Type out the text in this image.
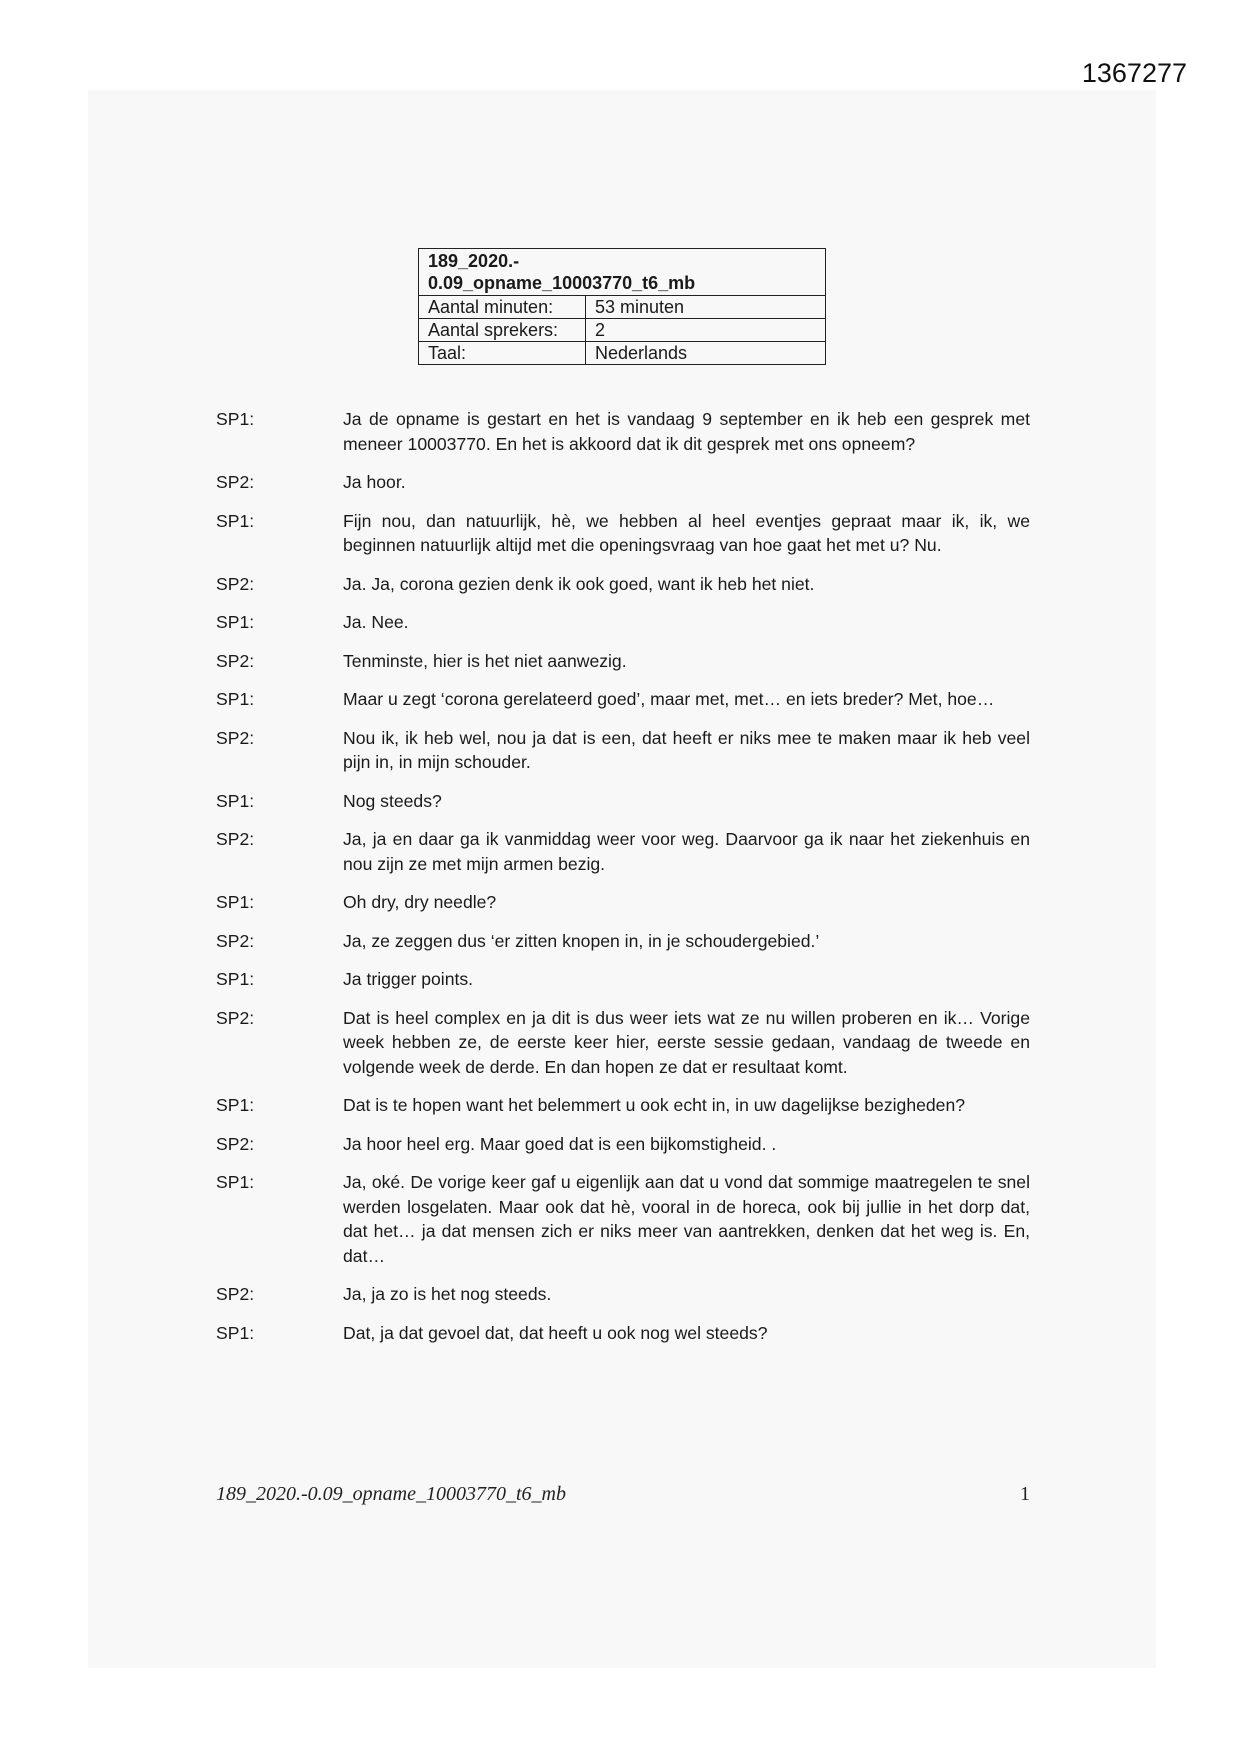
1367277
189_2020.-
0.09_opname_10003770_t6_mb	

Aantal minuten:	53 minuten
Aantal sprekers:	2
Taal:	Nederlands
SP1:	Ja de opname is gestart en het is vandaag 9 september en ik heb een gesprek met meneer 10003770. En het is akkoord dat ik dit gesprek met ons opneem?
SP2:	Ja hoor.
SP1:	Fijn nou, dan natuurlijk, hè, we hebben al heel eventjes gepraat maar ik, ik, we beginnen natuurlijk altijd met die openingsvraag van hoe gaat het met u? Nu.
SP2:	Ja. Ja, corona gezien denk ik ook goed, want ik heb het niet.
SP1:	Ja. Nee.
SP2:	Tenminste, hier is het niet aanwezig.
SP1:	Maar u zegt ‘corona gerelateerd goed’, maar met, met… en iets breder? Met, hoe…
SP2:	Nou ik, ik heb wel, nou ja dat is een, dat heeft er niks mee te maken maar ik heb veel pijn in, in mijn schouder.
SP1:	Nog steeds?
SP2:	Ja, ja en daar ga ik vanmiddag weer voor weg. Daarvoor ga ik naar het ziekenhuis en nou zijn ze met mijn armen bezig.
SP1:	Oh dry, dry needle?
SP2:	Ja, ze zeggen dus ‘er zitten knopen in, in je schoudergebied.’
SP1:	Ja trigger points.
SP2:	Dat is heel complex en ja dit is dus weer iets wat ze nu willen proberen en ik… Vorige week hebben ze, de eerste keer hier, eerste sessie gedaan, vandaag de tweede en volgende week de derde. En dan hopen ze dat er resultaat komt.
SP1:	Dat is te hopen want het belemmert u ook echt in, in uw dagelijkse bezigheden?
SP2:	Ja hoor heel erg. Maar goed dat is een bijkomstigheid. .
SP1:	Ja, oké. De vorige keer gaf u eigenlijk aan dat u vond dat sommige maatregelen te snel werden losgelaten. Maar ook dat hè, vooral in de horeca, ook bij jullie in het dorp dat, dat het… ja dat mensen zich er niks meer van aantrekken, denken dat het weg is. En, dat…
SP2:	Ja, ja zo is het nog steeds.
SP1:	Dat, ja dat gevoel dat, dat heeft u ook nog wel steeds?
189_2020.-0.09_opname_10003770_t6_mb	1
